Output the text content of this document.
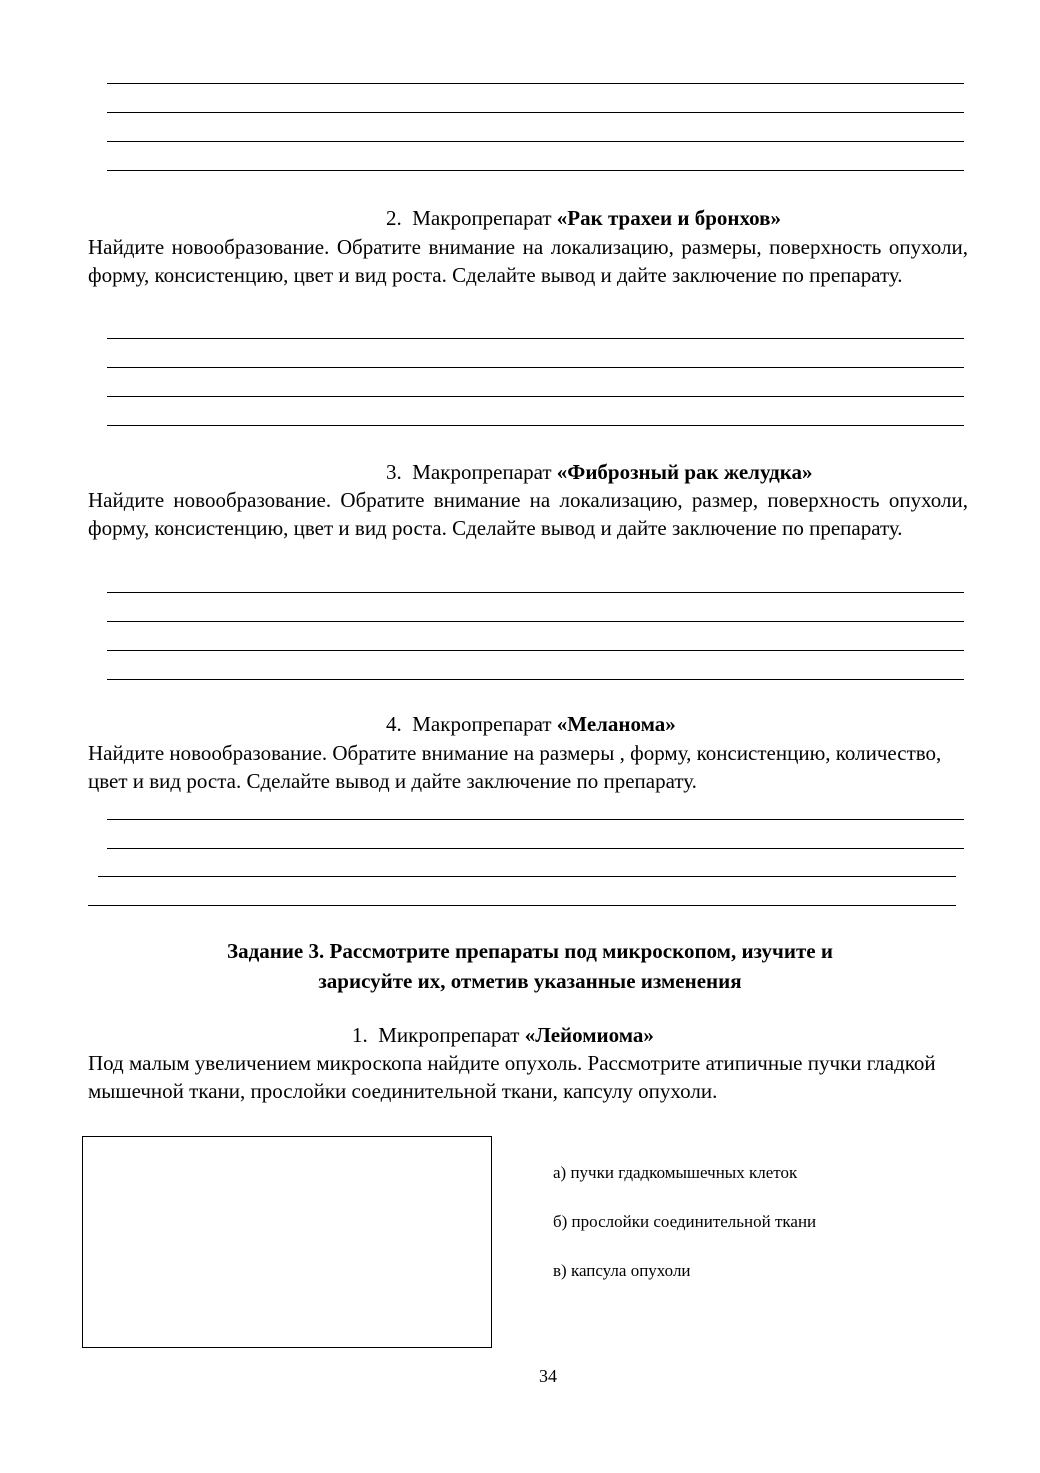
2. Макропрепарат «Рак трахеи и бронхов»
Найдите новообразование. Обратите внимание на локализацию, размеры, поверхность опухоли, форму, консистенцию, цвет и вид роста. Сделайте вывод и дайте заключение по препарату.
3. Макропрепарат «Фиброзный рак желудка»
Найдите новообразование. Обратите внимание на локализацию, размер, поверхность опухоли, форму, консистенцию, цвет и вид роста. Сделайте вывод и дайте заключение по препарату.
4. Макропрепарат «Меланома»
Найдите новообразование. Обратите внимание на размеры , форму, консистенцию, количество, цвет и вид роста. Сделайте вывод и дайте заключение по препарату.
Задание 3. Рассмотрите препараты под микроскопом, изучите и
зарисуйте их, отметив указанные изменения
1. Микропрепарат «Лейомиома»
Под малым увеличением микроскопа найдите опухоль. Рассмотрите атипичные пучки гладкой мышечной ткани, прослойки соединительной ткани, капсулу опухоли.
а) пучки гдадкомышечных клеток
б) прослойки соединительной ткани
в) капсула опухоли
34
